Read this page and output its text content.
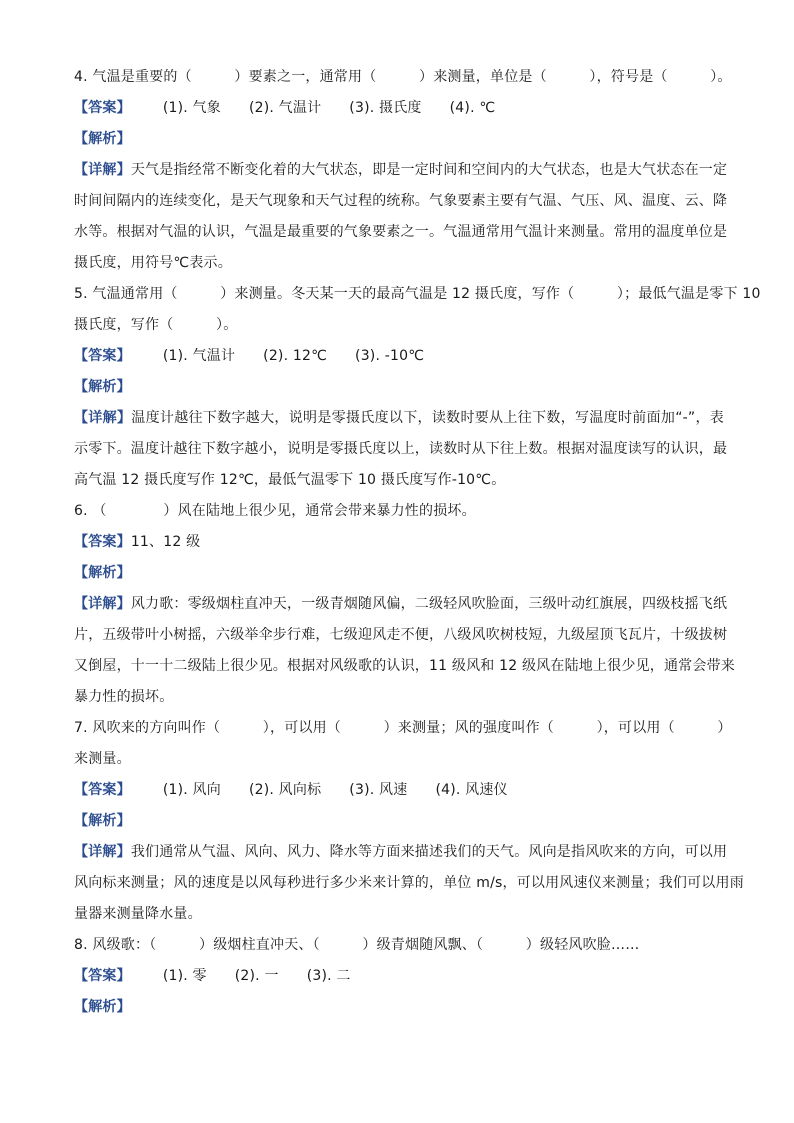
4. 气温是重要的（　　　）要素之一，通常用（　　　）来测量，单位是（　　　），符号是（　　　）。
【答案】 (1). 气象 (2). 气温计 (3). 摄氏度 (4). ℃
【解析】
【详解】天气是指经常不断变化着的大气状态，即是一定时间和空间内的大气状态，也是大气状态在一定
时间间隔内的连续变化，是天气现象和天气过程的统称。气象要素主要有气温、气压、风、温度、云、降
水等。根据对气温的认识，气温是最重要的气象要素之一。气温通常用气温计来测量。常用的温度单位是
摄氏度，用符号℃表示。
5. 气温通常用（　　　）来测量。冬天某一天的最高气温是 12 摄氏度，写作（　　　）；最低气温是零下 10
摄氏度，写作（　　　）。
【答案】 (1). 气温计 (2). 12℃ (3). -10℃
【解析】
【详解】温度计越往下数字越大，说明是零摄氏度以下，读数时要从上往下数，写温度时前面加“-”，表
示零下。温度计越往下数字越小，说明是零摄氏度以上，读数时从下往上数。根据对温度读写的认识，最
高气温 12 摄氏度写作 12℃，最低气温零下 10 摄氏度写作-10℃。
6. （　　　　）风在陆地上很少见，通常会带来暴力性的损坏。
【答案】11、12 级
【解析】
【详解】风力歌：零级烟柱直冲天，一级青烟随风偏，二级轻风吹脸面，三级叶动红旗展，四级枝摇飞纸
片，五级带叶小树摇，六级举伞步行难，七级迎风走不便，八级风吹树枝短，九级屋顶飞瓦片，十级拔树
又倒屋，十一十二级陆上很少见。根据对风级歌的认识，11 级风和 12 级风在陆地上很少见，通常会带来
暴力性的损坏。
7. 风吹来的方向叫作（　　　），可以用（　　　）来测量；风的强度叫作（　　　），可以用（　　　）
来测量。
【答案】 (1). 风向 (2). 风向标 (3). 风速 (4). 风速仪
【解析】
【详解】我们通常从气温、风向、风力、降水等方面来描述我们的天气。风向是指风吹来的方向，可以用
风向标来测量；风的速度是以风每秒进行多少米来计算的，单位 m/s，可以用风速仪来测量；我们可以用雨
量器来测量降水量。
8. 风级歌：（　　　）级烟柱直冲天、（　　　）级青烟随风飘、（　　　）级轻风吹脸……
【答案】 (1). 零 (2). 一 (3). 二
【解析】
